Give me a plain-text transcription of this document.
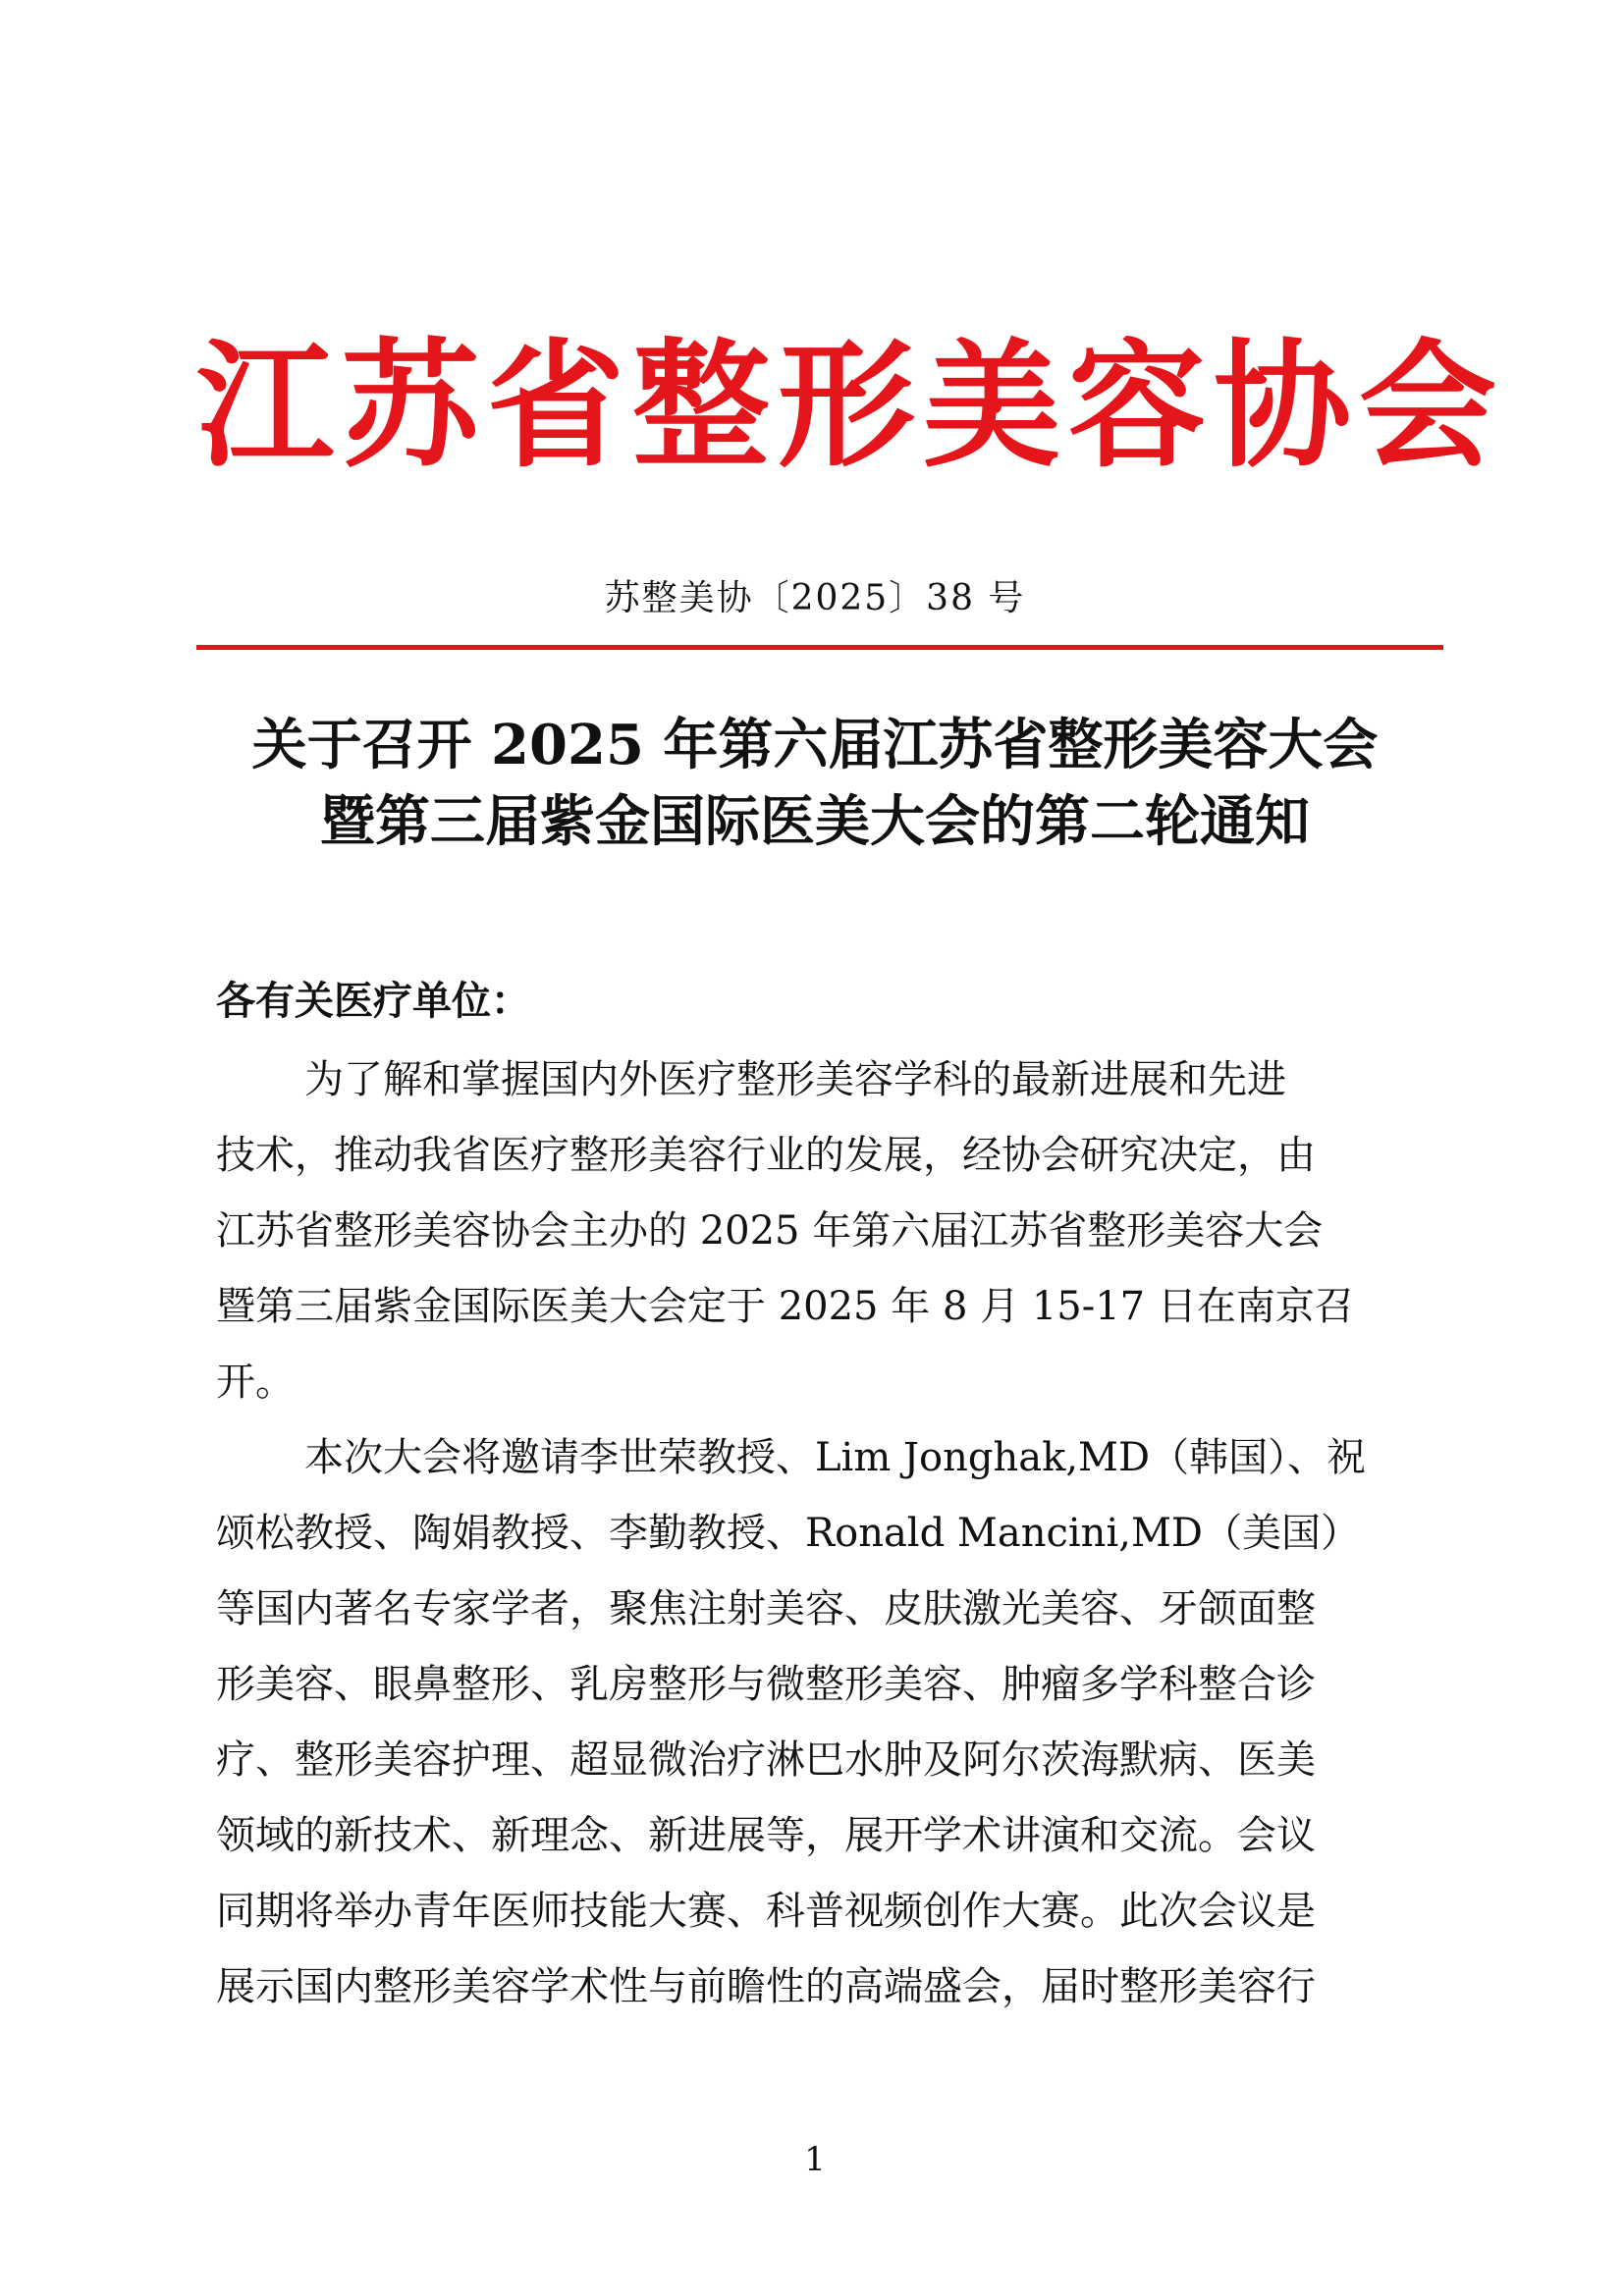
江苏省整形美容协会
苏整美协〔2025〕38 号
关于召开 2025 年第六届江苏省整形美容大会
暨第三届紫金国际医美大会的第二轮通知
各有关医疗单位：
为了解和掌握国内外医疗整形美容学科的最新进展和先进
技术，推动我省医疗整形美容行业的发展，经协会研究决定，由
江苏省整形美容协会主办的 2025 年第六届江苏省整形美容大会
暨第三届紫金国际医美大会定于 2025 年 8 月 15-17 日在南京召
开。
本次大会将邀请李世荣教授、Lim Jonghak,MD（韩国）、祝
颂松教授、陶娟教授、李勤教授、Ronald Mancini,MD（美国）
等国内著名专家学者，聚焦注射美容、皮肤激光美容、牙颌面整
形美容、眼鼻整形、乳房整形与微整形美容、肿瘤多学科整合诊
疗、整形美容护理、超显微治疗淋巴水肿及阿尔茨海默病、医美
领域的新技术、新理念、新进展等，展开学术讲演和交流。会议
同期将举办青年医师技能大赛、科普视频创作大赛。此次会议是
展示国内整形美容学术性与前瞻性的高端盛会，届时整形美容行
1
